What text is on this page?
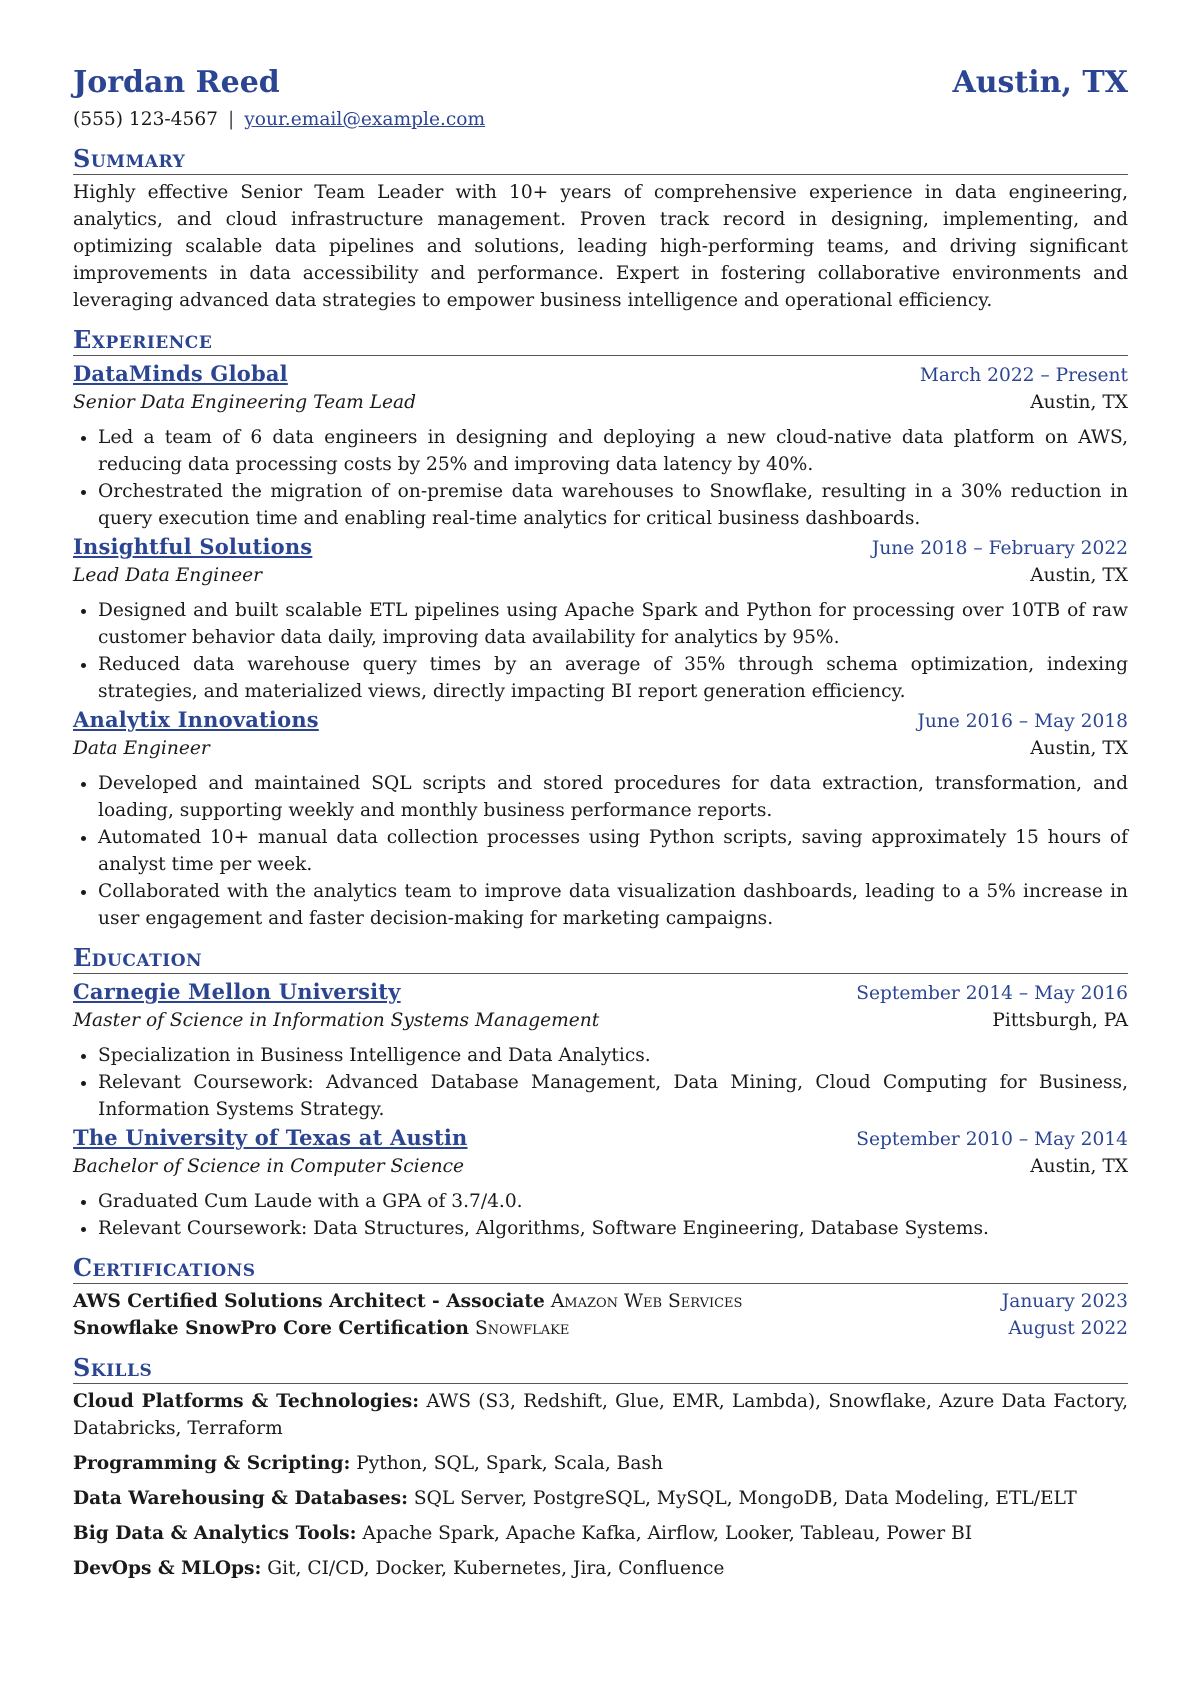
Jordan Reed	Austin, TX
(555) 123-4567 | your.email@example.com
Summary
Highly effective Senior Team Leader with 10+ years of comprehensive experience in data engineering, analytics, and cloud infrastructure management. Proven track record in designing, implementing, and optimizing scalable data pipelines and solutions, leading high-performing teams, and driving significant improvements in data accessibility and performance. Expert in fostering collaborative environments and leveraging advanced data strategies to empower business intelligence and operational efficiency.
Experience
DataMinds Global	March 2022 – Present
Senior Data Engineering Team Lead	Austin, TX
• Led a team of 6 data engineers in designing and deploying a new cloud-native data platform on AWS, reducing data processing costs by 25% and improving data latency by 40%.
• Orchestrated the migration of on-premise data warehouses to Snowflake, resulting in a 30% reduction in query execution time and enabling real-time analytics for critical business dashboards.
Insightful Solutions	June 2018 – February 2022
Lead Data Engineer	Austin, TX
• Designed and built scalable ETL pipelines using Apache Spark and Python for processing over 10TB of raw customer behavior data daily, improving data availability for analytics by 95%.
• Reduced data warehouse query times by an average of 35% through schema optimization, indexing strategies, and materialized views, directly impacting BI report generation efficiency.
Analytix Innovations	June 2016 – May 2018
Data Engineer	Austin, TX
• Developed and maintained SQL scripts and stored procedures for data extraction, transformation, and loading, supporting weekly and monthly business performance reports.
• Automated 10+ manual data collection processes using Python scripts, saving approximately 15 hours of analyst time per week.
• Collaborated with the analytics team to improve data visualization dashboards, leading to a 5% increase in user engagement and faster decision-making for marketing campaigns.
Education
Carnegie Mellon University	September 2014 – May 2016
Master of Science in Information Systems Management	Pittsburgh, PA
• Specialization in Business Intelligence and Data Analytics.
• Relevant Coursework: Advanced Database Management, Data Mining, Cloud Computing for Business, Information Systems Strategy.
The University of Texas at Austin	September 2010 – May 2014
Bachelor of Science in Computer Science	Austin, TX
• Graduated Cum Laude with a GPA of 3.7/4.0.
• Relevant Coursework: Data Structures, Algorithms, Software Engineering, Database Systems.
Certifications
AWS Certified Solutions Architect - Associate Amazon Web Services	January 2023
Snowflake SnowPro Core Certification Snowflake	August 2022
Skills
Cloud Platforms & Technologies: AWS (S3, Redshift, Glue, EMR, Lambda), Snowflake, Azure Data Factory, Databricks, Terraform
Programming & Scripting: Python, SQL, Spark, Scala, Bash
Data Warehousing & Databases: SQL Server, PostgreSQL, MySQL, MongoDB, Data Modeling, ETL/ELT
Big Data & Analytics Tools: Apache Spark, Apache Kafka, Airflow, Looker, Tableau, Power BI
DevOps & MLOps: Git, CI/CD, Docker, Kubernetes, Jira, Confluence
